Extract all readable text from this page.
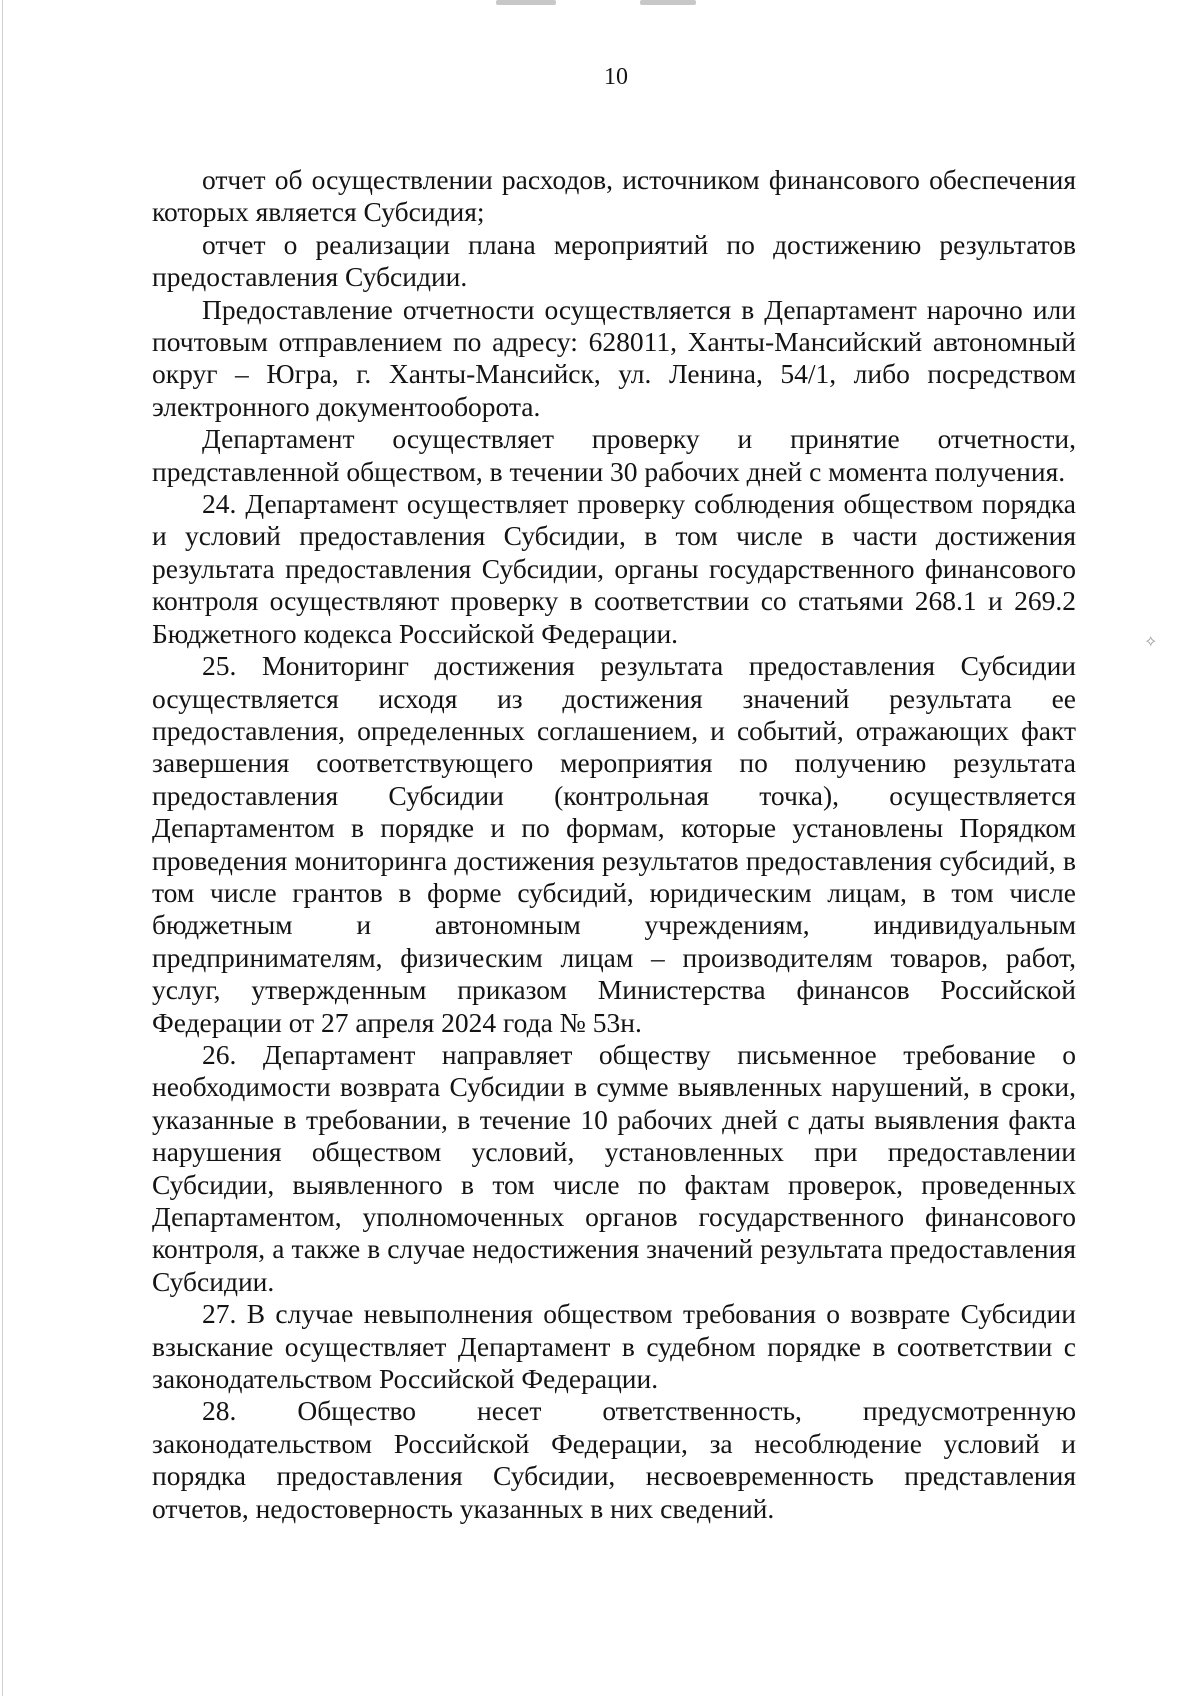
10

отчет об осуществлении расходов, источником финансового обеспечения которых является Субсидия;

отчет о реализации плана мероприятий по достижению результатов предоставления Субсидии.

Предоставление отчетности осуществляется в Департамент нарочно или почтовым отправлением по адресу: 628011, Ханты-Мансийский автономный округ – Югра, г. Ханты-Мансийск, ул. Ленина, 54/1, либо посредством электронного документооборота.

Департамент осуществляет проверку и принятие отчетности, представленной обществом, в течении 30 рабочих дней с момента получения.

24. Департамент осуществляет проверку соблюдения обществом порядка и условий предоставления Субсидии, в том числе в части достижения результата предоставления Субсидии, органы государственного финансового контроля осуществляют проверку в соответствии со статьями 268.1 и 269.2 Бюджетного кодекса Российской Федерации.

25. Мониторинг достижения результата предоставления Субсидии осуществляется исходя из достижения значений результата ее предоставления, определенных соглашением, и событий, отражающих факт завершения соответствующего мероприятия по получению результата предоставления Субсидии (контрольная точка), осуществляется Департаментом в порядке и по формам, которые установлены Порядком проведения мониторинга достижения результатов предоставления субсидий, в том числе грантов в форме субсидий, юридическим лицам, в том числе бюджетным и автономным учреждениям, индивидуальным предпринимателям, физическим лицам – производителям товаров, работ, услуг, утвержденным приказом Министерства финансов Российской Федерации от 27 апреля 2024 года № 53н.

26. Департамент направляет обществу письменное требование о необходимости возврата Субсидии в сумме выявленных нарушений, в сроки, указанные в требовании, в течение 10 рабочих дней с даты выявления факта нарушения обществом условий, установленных при предоставлении Субсидии, выявленного в том числе по фактам проверок, проведенных Департаментом, уполномоченных органов государственного финансового контроля, а также в случае недостижения значений результата предоставления Субсидии.

27. В случае невыполнения обществом требования о возврате Субсидии взыскание осуществляет Департамент в судебном порядке в соответствии с законодательством Российской Федерации.

28. Общество несет ответственность, предусмотренную законодательством Российской Федерации, за несоблюдение условий и порядка предоставления Субсидии, несвоевременность представления отчетов, недостоверность указанных в них сведений.

✧
